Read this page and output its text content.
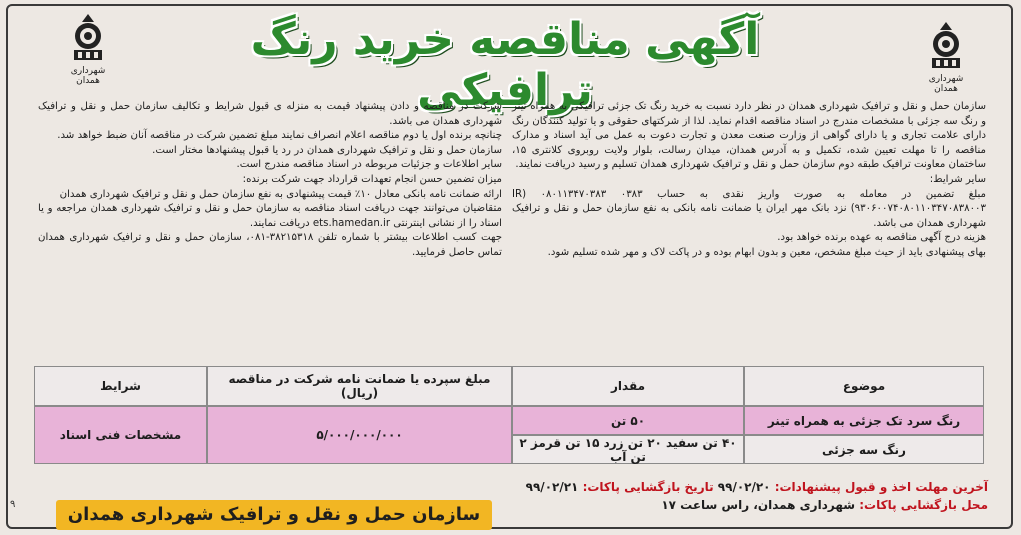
شهرداری همدان
شهرداری همدان
آگهی مناقصه خرید رنگ ترافیکی

سازمان حمل و نقل و ترافیک شهرداری همدان در نظر دارد نسبت به خرید رنگ تک جزئی ترافیکی به همراه تینر و رنگ سه جزئی با مشخصات مندرج در اسناد مناقصه اقدام نماید. لذا از شرکتهای حقوقی و یا تولید کنندگان رنگ دارای علامت تجاری و یا دارای گواهی از وزارت صنعت معدن و تجارت دعوت به عمل می آید اسناد و مدارک مناقصه را تا مهلت تعیین شده، تکمیل و به آدرس همدان، میدان رسالت، بلوار ولایت روبروی کلانتری ۱۵، ساختمان معاونت ترافیک طبقه دوم سازمان حمل و نقل و ترافیک شهرداری همدان تسلیم و رسید دریافت نمایند.

سایر شرایط:

مبلغ تضمین در معامله به صورت واریز نقدی به حساب ۰۳۸۳ ۰۸۰۱۱۳۴۷۰۳۸۳ (IR ۹۳۰۶۰۰۷۴۰۸۰۱۱۰۳۴۷۰۸۳۸۰۰۳) نزد بانک مهر ایران یا ضمانت نامه بانکی به نفع سازمان حمل و نقل و ترافیک شهرداری همدان می باشد.

هزینه درج آگهی مناقصه به عهده برنده خواهد بود.

بهای پیشنهادی باید از حیث مبلغ مشخص، معین و بدون ابهام بوده و در پاکت لاک و مهر شده تسلیم شود.

شرکت در مناقصه و دادن پیشنهاد قیمت به منزله ی قبول شرایط و تکالیف سازمان حمل و نقل و ترافیک شهرداری همدان می باشد.

چنانچه برنده اول یا دوم مناقصه اعلام انصراف نمایند مبلغ تضمین شرکت در مناقصه آنان ضبط خواهد شد.

سازمان حمل و نقل و ترافیک شهرداری همدان در رد یا قبول پیشنهادها مختار است.

سایر اطلاعات و جزئیات مربوطه در اسناد مناقصه مندرج است.

میزان تضمین حسن انجام تعهدات قرارداد جهت شرکت برنده:

ارائه ضمانت نامه بانکی معادل ۱۰٪ قیمت پیشنهادی به نفع سازمان حمل و نقل و ترافیک شهرداری همدان

متقاضیان می‌توانند جهت دریافت اسناد مناقصه به سازمان حمل و نقل و ترافیک شهرداری همدان مراجعه و یا اسناد را از نشانی اینترنتی ets.hamedan.ir دریافت نمایند.

جهت کسب اطلاعات بیشتر با شماره تلفن ۳۸۲۱۵۳۱۸-۰۸۱، سازمان حمل و نقل و ترافیک شهرداری همدان تماس حاصل فرمایید.

موضوع
مقدار
مبلغ سپرده یا ضمانت نامه شرکت در مناقصه (ریال)
شرایط
رنگ سرد تک جزئی به همراه تینر
۵۰ تن
رنگ سه جزئی
۴۰ تن سفید ۲۰ تن زرد ۱۵ تن قرمز ۲ تن آب
۵/۰۰۰/۰۰۰/۰۰۰
مشخصات فنی اسناد
آخرین مهلت اخذ و قبول پیشنهادات: ۹۹/۰۲/۲۰ تاریخ بازگشایی پاکات: ۹۹/۰۲/۲۱
محل بازگشایی پاکات: شهرداری همدان، راس ساعت ۱۷
سازمان حمل و نقل و ترافیک شهرداری همدان
۹
